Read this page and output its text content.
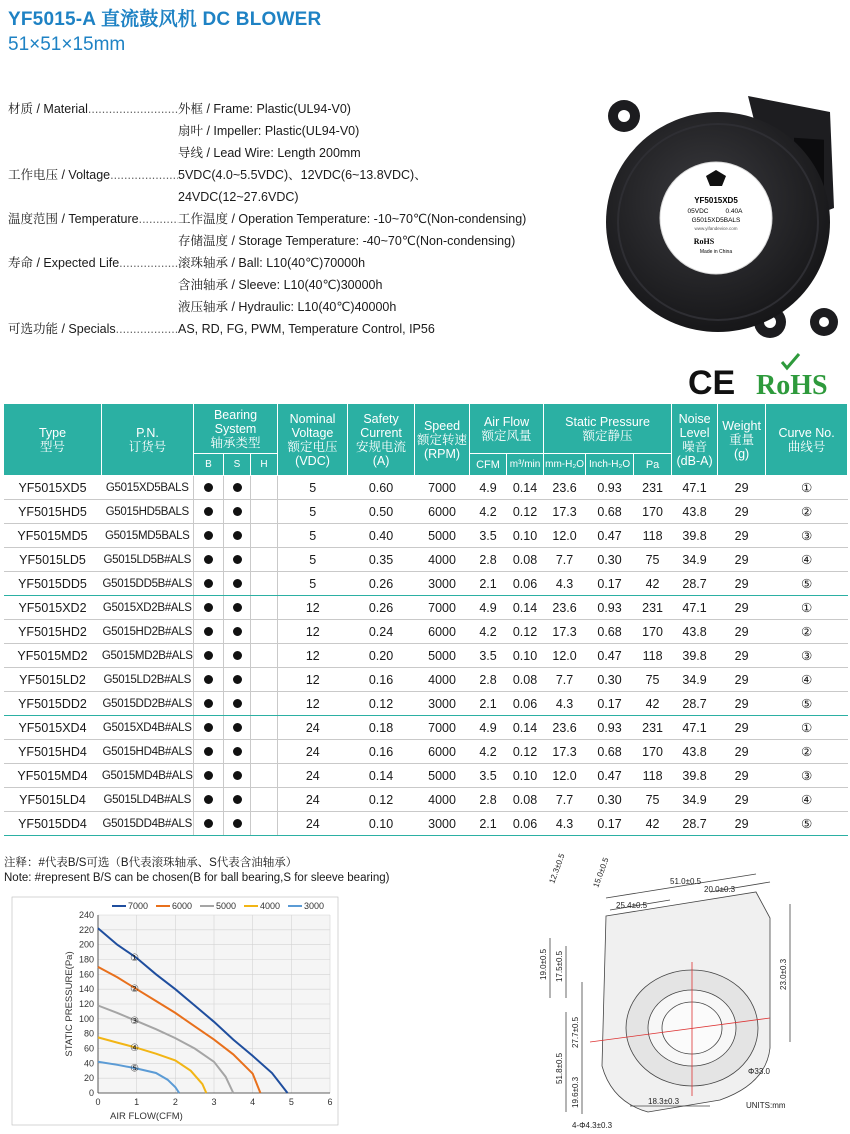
YF5015-A 直流鼓风机 DC BLOWER
51×51×15mm
材质 / Material .....	外框 / Frame: Plastic(UL94-V0)
扇叶 / Impeller: Plastic(UL94-V0)
导线 / Lead Wire: Length 200mm
工作电压 / Voltage .....	5VDC(4.0~5.5VDC)、12VDC(6~13.8VDC)、
24VDC(12~27.6VDC)
温度范围 / Temperature .....	工作温度 / Operation Temperature: -10~70℃(Non-condensing)
存储温度 / Storage Temperature: -40~70℃(Non-condensing)
寿命 / Expected Life .....	滚珠轴承 / Ball: L10(40℃)70000h
含油轴承 / Sleeve: L10(40℃)30000h
液压轴承 / Hydraulic: L10(40℃)40000h
可选功能 / Specials .....	AS, RD, FG, PWM, Temperature Control, IP56
YF5015XD5
05VDC	0.40A
G5015XD5BALS
www.yifandevice.com
RoHS
Made in China
CE RoHS
Type
型号	P.N.
订货号	Bearing System
轴承类型			Nominal Voltage
额定电压
(VDC)	Safety Current
安规电流
(A)	Speed
额定转速
(RPM)	Air Flow
额定风量		Static Pressure
额定静压			Noise Level
噪音
(dB-A)	Weight
重量
(g)	Curve No.
曲线号
		B	S	H				CFM	m³/min	mm-H₂O	Inch-H₂O	Pa			
YF5015XD5	G5015XD5BALS				5	0.60	7000	4.9	0.14	23.6	0.93	231	47.1	29	①
YF5015HD5	G5015HD5BALS				5	0.50	6000	4.2	0.12	17.3	0.68	170	43.8	29	②
YF5015MD5	G5015MD5BALS				5	0.40	5000	3.5	0.10	12.0	0.47	118	39.8	29	③
YF5015LD5	G5015LD5B#ALS				5	0.35	4000	2.8	0.08	7.7	0.30	75	34.9	29	④
YF5015DD5	G5015DD5B#ALS				5	0.26	3000	2.1	0.06	4.3	0.17	42	28.7	29	⑤
YF5015XD2	G5015XD2B#ALS				12	0.26	7000	4.9	0.14	23.6	0.93	231	47.1	29	①
YF5015HD2	G5015HD2B#ALS				12	0.24	6000	4.2	0.12	17.3	0.68	170	43.8	29	②
YF5015MD2	G5015MD2B#ALS				12	0.20	5000	3.5	0.10	12.0	0.47	118	39.8	29	③
YF5015LD2	G5015LD2B#ALS				12	0.16	4000	2.8	0.08	7.7	0.30	75	34.9	29	④
YF5015DD2	G5015DD2B#ALS				12	0.12	3000	2.1	0.06	4.3	0.17	42	28.7	29	⑤
YF5015XD4	G5015XD4B#ALS				24	0.18	7000	4.9	0.14	23.6	0.93	231	47.1	29	①
YF5015HD4	G5015HD4B#ALS				24	0.16	6000	4.2	0.12	17.3	0.68	170	43.8	29	②
YF5015MD4	G5015MD4B#ALS				24	0.14	5000	3.5	0.10	12.0	0.47	118	39.8	29	③
YF5015LD4	G5015LD4B#ALS				24	0.12	4000	2.8	0.08	7.7	0.30	75	34.9	29	④
YF5015DD4	G5015DD4B#ALS				24	0.10	3000	2.1	0.06	4.3	0.17	42	28.7	29	⑤
注释：#代表B/S可选（B代表滚珠轴承、S代表含油轴承）
Note: #represent B/S can be chosen(B for ball bearing,S for sleeve bearing)
0
20
40
60
80
100
120
140
160
180
200
220
240
0	1	2	3	4	5	6
STATIC PRESSURE(Pa)
AIR FLOW(CFM)
①
7000
②
6000
③
5000
④
4000
⑤
3000
12.3±0.5	15.0±0.5	51.0±0.5
20.0±0.3
25.4±0.5
19.0±0.5 17.5±0.5	23.0±0.3
27.7±0.5
51.8±0.5
19.6±0.3
Φ33.0
4-Φ4.3±0.3
18.3±0.3	UNITS:mm
